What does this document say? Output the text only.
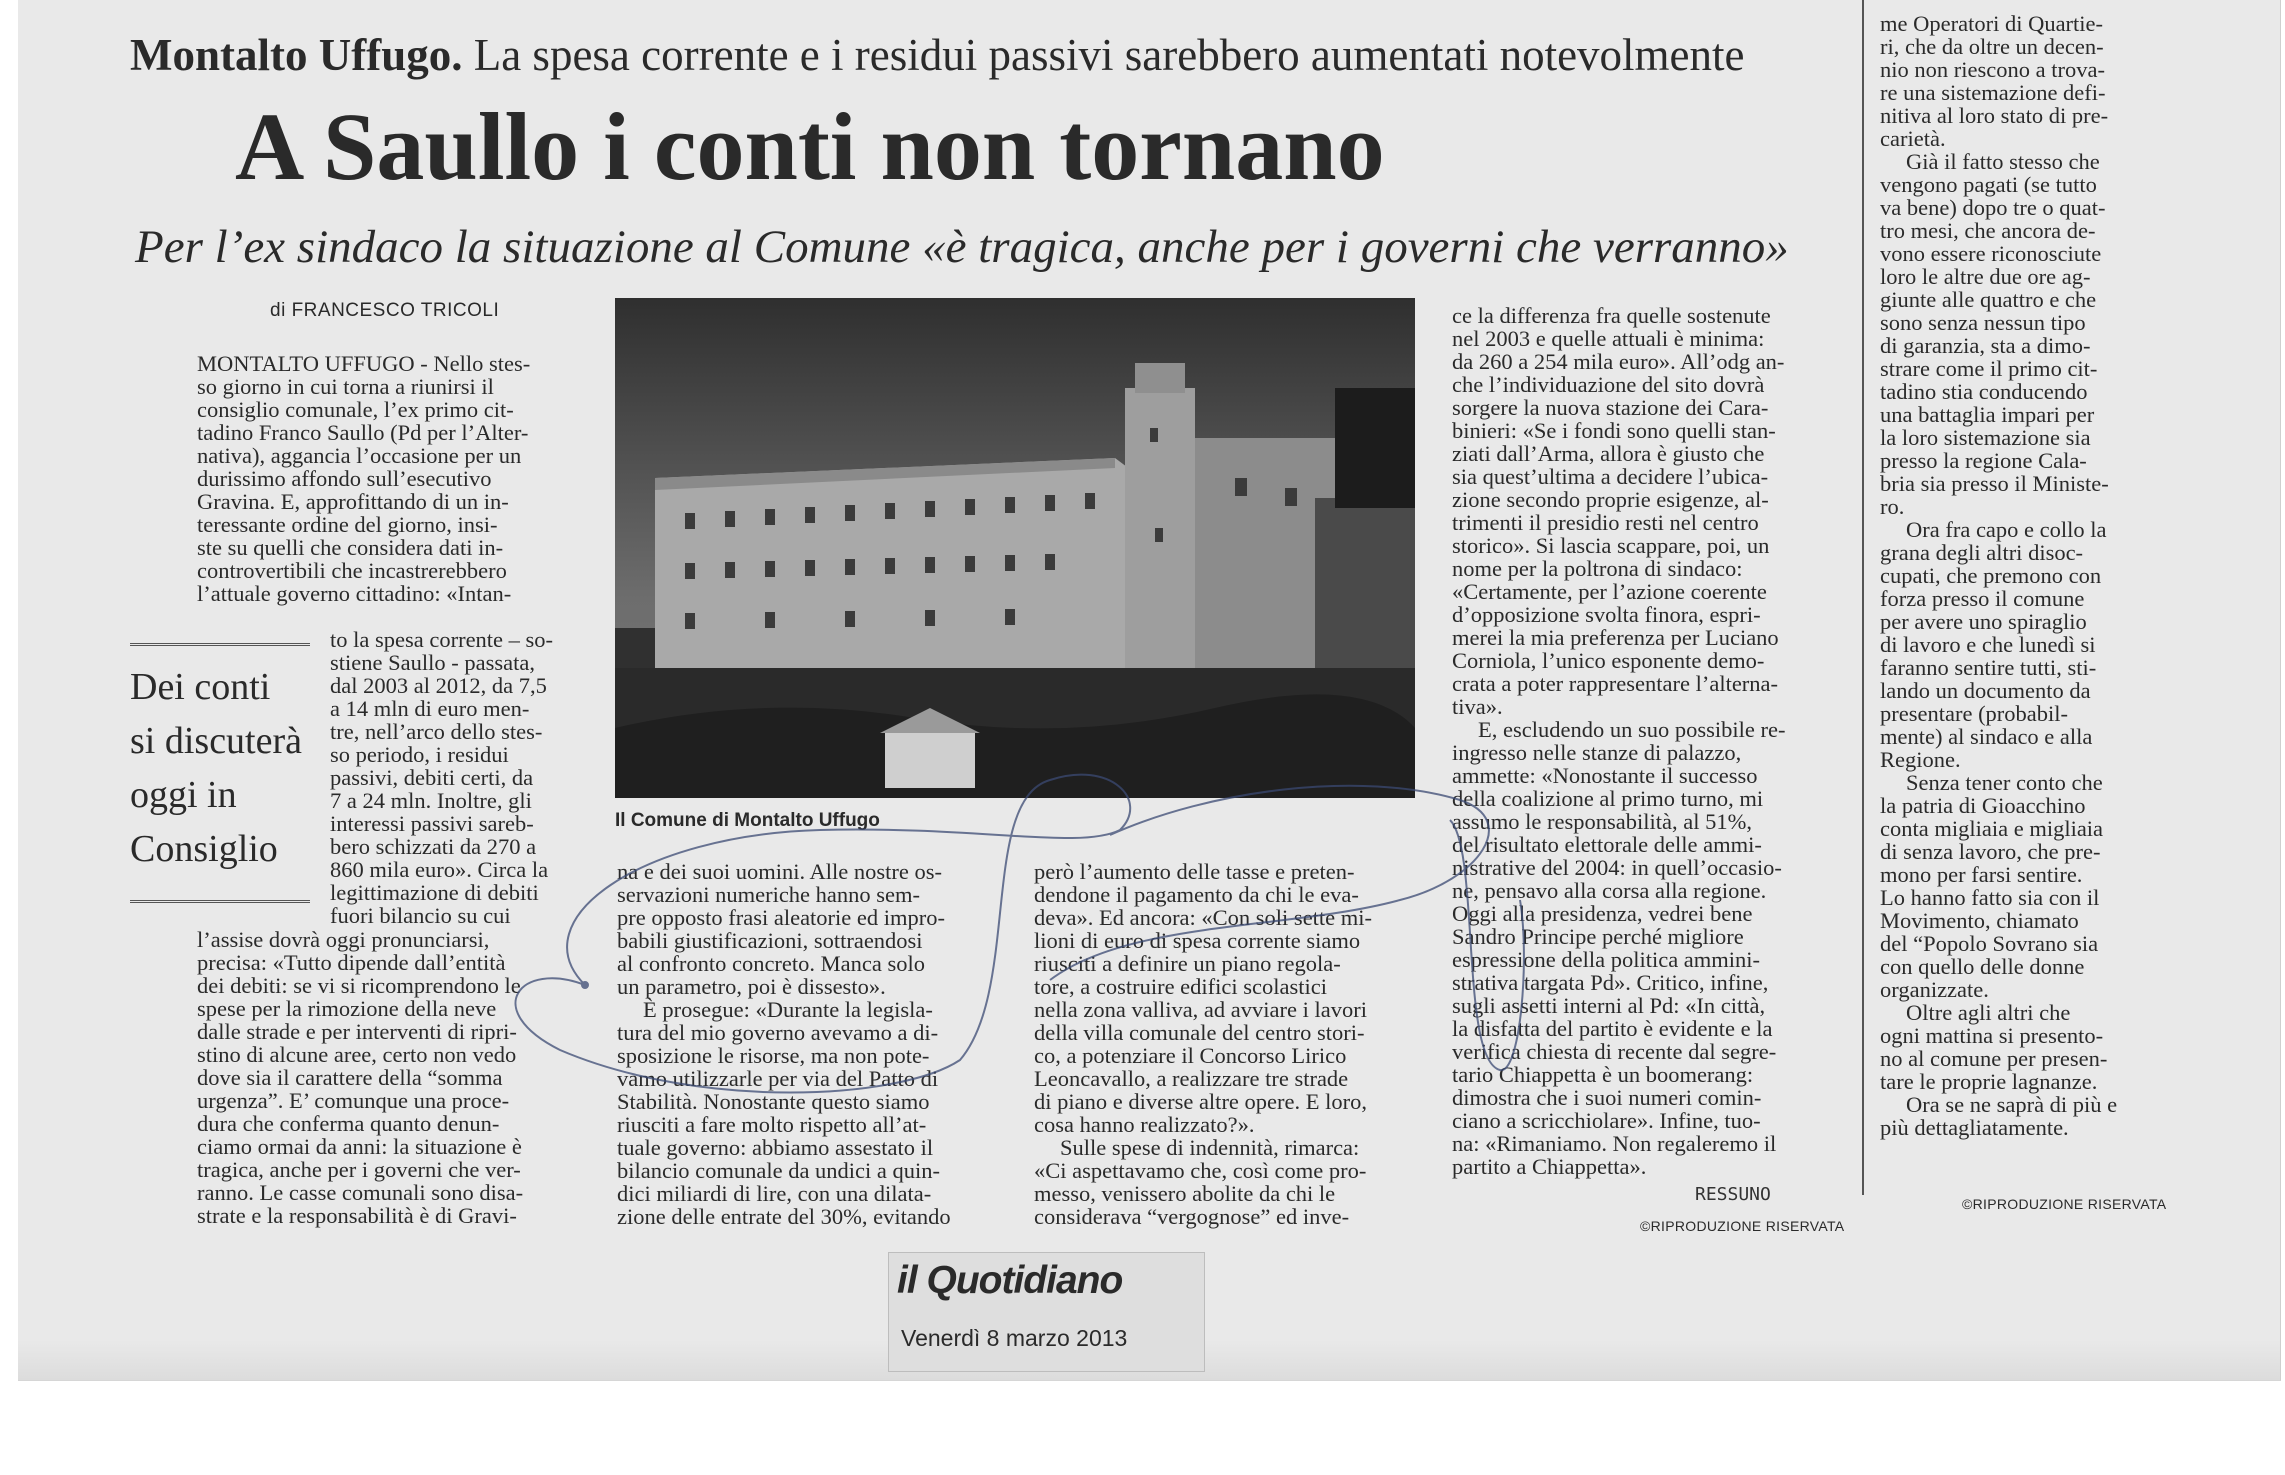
Montalto Uffugo. La spesa corrente e i residui passivi sarebbero aumentati notevolmente
A Saullo i conti non tornano
Per l’ex sindaco la situazione al Comune «è tragica, anche per i governi che verranno»
di FRANCESCO TRICOLI

MONTALTO UFFUGO - Nello stes-

so giorno in cui torna a riunirsi il

consiglio comunale, l’ex primo cit-

tadino Franco Saullo (Pd per l’Alter-

nativa), aggancia l’occasione per un

durissimo affondo sull’esecutivo

Gravina. E, approfittando di un in-

teressante ordine del giorno, insi-

ste su quelli che considera dati in-

controvertibili che incastrerebbero

l’attuale governo cittadino: «Intan-

Dei conti
si discuterà
oggi in
Consiglio

to la spesa corrente – so-

stiene Saullo - passata,

dal 2003 al 2012, da 7,5

a 14 mln di euro men-

tre, nell’arco dello stes-

so periodo, i residui

passivi, debiti certi, da

7 a 24 mln. Inoltre, gli

interessi passivi sareb-

bero schizzati da 270 a

860 mila euro». Circa la

legittimazione di debiti

fuori bilancio su cui

l’assise dovrà oggi pronunciarsi,

precisa: «Tutto dipende dall’entità

dei debiti: se vi si ricomprendono le

spese per la rimozione della neve

dalle strade e per interventi di ripri-

stino di alcune aree, certo non vedo

dove sia il carattere della “somma

urgenza”. E’ comunque una proce-

dura che conferma quanto denun-

ciamo ormai da anni: la situazione è

tragica, anche per i governi che ver-

ranno. Le casse comunali sono disa-

strate e la responsabilità è di Gravi-

Il Comune di Montalto Uffugo

na e dei suoi uomini. Alle nostre os-

servazioni numeriche hanno sem-

pre opposto frasi aleatorie ed impro-

babili giustificazioni, sottraendosi

al confronto concreto. Manca solo

un parametro, poi è dissesto».

È prosegue: «Durante la legisla-

tura del mio governo avevamo a di-

sposizione le risorse, ma non pote-

vamo utilizzarle per via del Patto di

Stabilità. Nonostante questo siamo

riusciti a fare molto rispetto all’at-

tuale governo: abbiamo assestato il

bilancio comunale da undici a quin-

dici miliardi di lire, con una dilata-

zione delle entrate del 30%, evitando

però l’aumento delle tasse e preten-

dendone il pagamento da chi le eva-

deva». Ed ancora: «Con soli sette mi-

lioni di euro di spesa corrente siamo

riusciti a definire un piano regola-

tore, a costruire edifici scolastici

nella zona valliva, ad avviare i lavori

della villa comunale del centro stori-

co, a potenziare il Concorso Lirico

Leoncavallo, a realizzare tre strade

di piano e diverse altre opere. E loro,

cosa hanno realizzato?».

Sulle spese di indennità, rimarca:

«Ci aspettavamo che, così come pro-

messo, venissero abolite da chi le

considerava “vergognose” ed inve-

ce la differenza fra quelle sostenute

nel 2003 e quelle attuali è minima:

da 260 a 254 mila euro». All’odg an-

che l’individuazione del sito dovrà

sorgere la nuova stazione dei Cara-

binieri: «Se i fondi sono quelli stan-

ziati dall’Arma, allora è giusto che

sia quest’ultima a decidere l’ubica-

zione secondo proprie esigenze, al-

trimenti il presidio resti nel centro

storico». Si lascia scappare, poi, un

nome per la poltrona di sindaco:

«Certamente, per l’azione coerente

d’opposizione svolta finora, espri-

merei la mia preferenza per Luciano

Corniola, l’unico esponente demo-

crata a poter rappresentare l’alterna-

tiva».

E, escludendo un suo possibile re-

ingresso nelle stanze di palazzo,

ammette: «Nonostante il successo

della coalizione al primo turno, mi

assumo le responsabilità, al 51%,

del risultato elettorale delle ammi-

nistrative del 2004: in quell’occasio-

ne, pensavo alla corsa alla regione.

Oggi alla presidenza, vedrei bene

Sandro Principe perché migliore

espressione della politica ammini-

strativa targata Pd». Critico, infine,

sugli assetti interni al Pd: «In città,

la disfatta del partito è evidente e la

verifica chiesta di recente dal segre-

tario Chiappetta è un boomerang:

dimostra che i suoi numeri comin-

ciano a scricchiolare». Infine, tuo-

na: «Rimaniamo. Non regaleremo il

partito a Chiappetta».

©RIPRODUZIONE RISERVATA

me Operatori di Quartie-

ri, che da oltre un decen-

nio non riescono a trova-

re una sistemazione defi-

nitiva al loro stato di pre-

carietà.

Già il fatto stesso che

vengono pagati (se tutto

va bene) dopo tre o quat-

tro mesi, che ancora de-

vono essere riconosciute

loro le altre due ore ag-

giunte alle quattro e che

sono senza nessun tipo

di garanzia, sta a dimo-

strare come il primo cit-

tadino stia conducendo

una battaglia impari per

la loro sistemazione sia

presso la regione Cala-

bria sia presso il Ministe-

ro.

Ora fra capo e collo la

grana degli altri disoc-

cupati, che premono con

forza presso il comune

per avere uno spiraglio

di lavoro e che lunedì si

faranno sentire tutti, sti-

lando un documento da

presentare (probabil-

mente) al sindaco e alla

Regione.

Senza tener conto che

la patria di Gioacchino

conta migliaia e migliaia

di senza lavoro, che pre-

mono per farsi sentire.

Lo hanno fatto sia con il

Movimento, chiamato

del “Popolo Sovrano sia

con quello delle donne

organizzate.

Oltre agli altri che

ogni mattina si presento-

no al comune per presen-

tare le proprie lagnanze.

Ora se ne saprà di più e

più dettagliatamente.

©RIPRODUZIONE RISERVATA
il Quotidiano
Venerdì 8 marzo 2013
RESSUNO
